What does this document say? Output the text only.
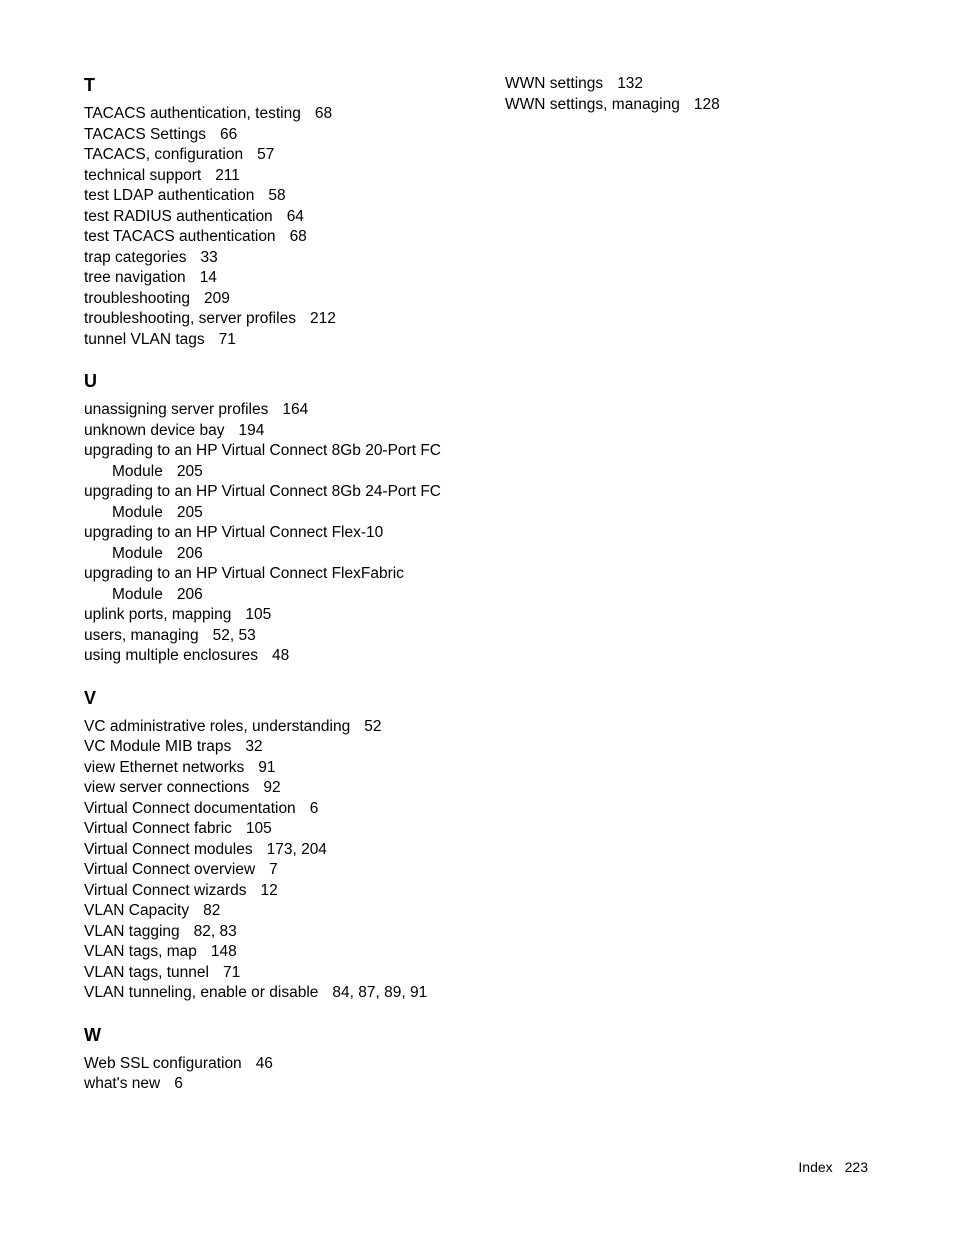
T
TACACS authentication, testing 68
TACACS Settings 66
TACACS, configuration 57
technical support 211
test LDAP authentication 58
test RADIUS authentication 64
test TACACS authentication 68
trap categories 33
tree navigation 14
troubleshooting 209
troubleshooting, server profiles 212
tunnel VLAN tags 71
U
unassigning server profiles 164
unknown device bay 194
upgrading to an HP Virtual Connect 8Gb 20-Port FC
Module 205
upgrading to an HP Virtual Connect 8Gb 24-Port FC
Module 205
upgrading to an HP Virtual Connect Flex-10
Module 206
upgrading to an HP Virtual Connect FlexFabric
Module 206
uplink ports, mapping 105
users, managing 52, 53
using multiple enclosures 48
V
VC administrative roles, understanding 52
VC Module MIB traps 32
view Ethernet networks 91
view server connections 92
Virtual Connect documentation 6
Virtual Connect fabric 105
Virtual Connect modules 173, 204
Virtual Connect overview 7
Virtual Connect wizards 12
VLAN Capacity 82
VLAN tagging 82, 83
VLAN tags, map 148
VLAN tags, tunnel 71
VLAN tunneling, enable or disable 84, 87, 89, 91
W
Web SSL configuration 46
what's new 6
WWN settings 132
WWN settings, managing 128
Index 223
